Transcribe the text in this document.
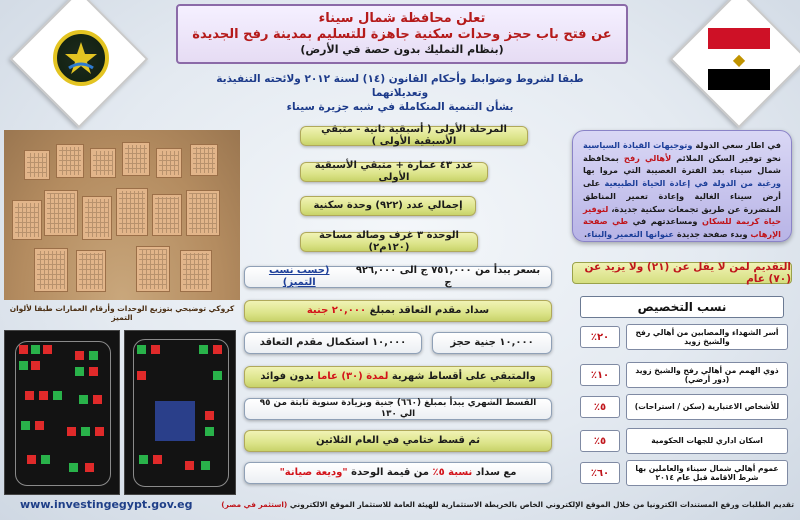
تعلن محافظة شمال سيناء
عن فتح باب حجز وحدات سكنية جاهزة للتسليم بمدينة رفح الجديدة
(بنظام التمليك بدون حصة في الأرض)
طبقا لشروط وضوابط وأحكام القانون (١٤) لسنة ٢٠١٢ ولائحته التنفيذية وتعديلاتهما
بشأن التنمية المتكاملة في شبه جزيرة سيناء
◆
كروكي توضيحي بتوزيع الوحدات وأرقام العمارات طبقا لألوان التميز
www.investingegypt.gov.eg
المرحلة الأولى ( أسبقية ثانية - متبقي الأسبقية الأولى )
عدد ٤٣ عمارة + متبقي الأسبقية الأولى
إجمالي عدد (٩٢٢) وحدة سكنية
الوحدة ٣ غرف وصالة مساحة (١٢٠م٢)
بسعر يبدأ من ٧٥١,٠٠٠ ج الى ٩٢٦,٠٠٠ ج

(حسب نسب التميز)
سداد مقدم التعاقد بمبلغ

٢٠,٠٠٠ جنية
١٠,٠٠٠ جنية حجز
١٠,٠٠٠ استكمال مقدم التعاقد
والمتبقي على أقساط شهرية

لمدة (٣٠) عاما

بدون فوائد
القسط الشهري يبدأ بمبلغ (٦٦٠) جنية وبزيادة سنوية ثابتة من ٩٥ الي ١٣٠
ثم قسط ختامي في العام الثلاثين
مع سداد

نسبة ٥٪

من قيمة الوحدة

"وديعة صيانة"
في اطار سعي الدولة وتوجيهات القيادة السياسية نحو توفير السكن الملائم لأهالي رفح بمحافظة شمال سيناء بعد الفترة العصيبة التي مروا بها ورغبة من الدولة في إعادة الحياة الطبيعية على أرض سيناء الغالية وإعادة تعمير المناطق المتضررة عن طريق تجمعات سكنية جديدة، لتوفير حياة كريمة للسكان ومساعدتهم في طي صفحة الإرهاب وبدء صفحة جديدة عنوانها التعمير والبناء.
التقديم لمن لا يقل عن (٢١) ولا يزيد عن (٧٠) عام
نسب التخصيص
أسر الشهداء والمصابين من أهالي رفح والشيخ زويد
٪٢٠
ذوي الهمم من أهالي رفح والشيخ زويد (دور أرضي)
٪١٠
للأشخاص الاعتبارية (سكن / استراحات)
٪٥
اسكان اداري للجهات الحكومية
٪٥
عموم أهالي شمال سيناء والعاملين بها شرط الاقامة قبل عام ٢٠١٤
٪٦٠
تقديم الطلبات ورفع المستندات الكترونيا من خلال الموقع الإلكتروني الخاص بالخريطة الاستثمارية للهيئة العامة للاستثمار الموقع الالكتروني (استثمر في مصر)
